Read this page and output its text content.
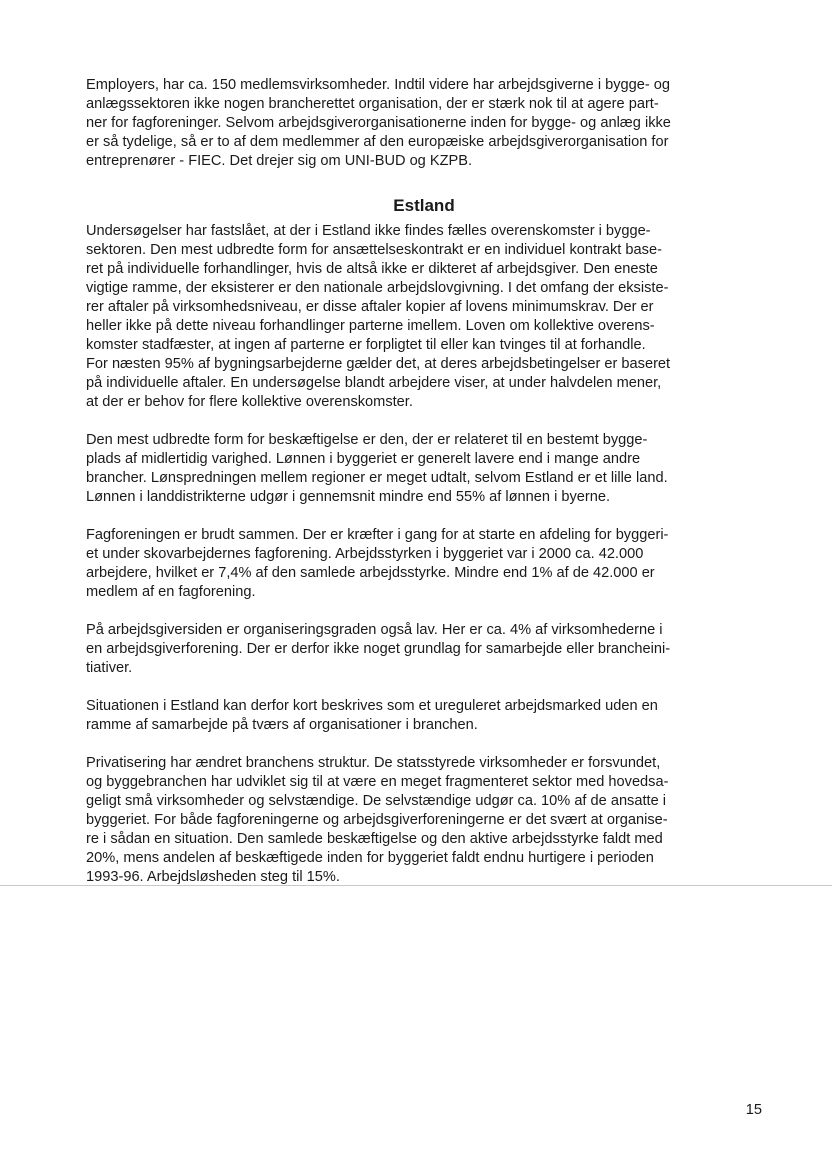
Employers, har ca. 150 medlemsvirksomheder. Indtil videre har arbejdsgiverne i bygge- og
anlægssektoren ikke nogen brancherettet organisation, der er stærk nok til at agere part-
ner for fagforeninger. Selvom arbejdsgiverorganisationerne inden for bygge- og anlæg ikke
er så tydelige, så er to af dem medlemmer af den europæiske arbejdsgiverorganisation for
entreprenører - FIEC. Det drejer sig om UNI-BUD og KZPB.

Estland

Undersøgelser har fastslået, at der i Estland ikke findes fælles overenskomster i bygge-
sektoren. Den mest udbredte form for ansættelseskontrakt er en individuel kontrakt base-
ret på individuelle forhandlinger, hvis de altså ikke er dikteret af arbejdsgiver. Den eneste
vigtige ramme, der eksisterer er den nationale arbejdslovgivning. I det omfang der eksiste-
rer aftaler på virksomhedsniveau, er disse aftaler kopier af lovens minimumskrav. Der er
heller ikke på dette niveau forhandlinger parterne imellem. Loven om kollektive overens-
komster stadfæster, at ingen af parterne er forpligtet til eller kan tvinges til at forhandle.
For næsten 95% af bygningsarbejderne gælder det, at deres arbejdsbetingelser er baseret
på individuelle aftaler. En undersøgelse blandt arbejdere viser, at under halvdelen mener,
at der er behov for flere kollektive overenskomster.

Den mest udbredte form for beskæftigelse er den, der er relateret til en bestemt bygge-
plads af midlertidig varighed. Lønnen i byggeriet er generelt lavere end i mange andre
brancher. Lønspredningen mellem regioner er meget udtalt, selvom Estland er et lille land.
Lønnen i landdistrikterne udgør i gennemsnit mindre end 55% af lønnen i byerne.

Fagforeningen er brudt sammen. Der er kræfter i gang for at starte en afdeling for byggeri-
et under skovarbejdernes fagforening. Arbejdsstyrken i byggeriet var i 2000 ca. 42.000
arbejdere, hvilket er 7,4% af den samlede arbejdsstyrke. Mindre end 1% af de 42.000 er
medlem af en fagforening.

På arbejdsgiversiden er organiseringsgraden også lav. Her er ca. 4% af virksomhederne i
en arbejdsgiverforening. Der er derfor ikke noget grundlag for samarbejde eller brancheini-
tiativer.

Situationen i Estland kan derfor kort beskrives som et ureguleret arbejdsmarked uden en
ramme af samarbejde på tværs af organisationer i branchen.

Privatisering har ændret branchens struktur. De statsstyrede virksomheder er forsvundet,
og byggebranchen har udviklet sig til at være en meget fragmenteret sektor med hovedsa-
geligt små virksomheder og selvstændige. De selvstændige udgør ca. 10% af de ansatte i
byggeriet. For både fagforeningerne og arbejdsgiverforeningerne er det svært at organise-
re i sådan en situation. Den samlede beskæftigelse og den aktive arbejdsstyrke faldt med
20%, mens andelen af beskæftigede inden for byggeriet faldt endnu hurtigere i perioden
1993-96. Arbejdsløsheden steg til 15%.

15
